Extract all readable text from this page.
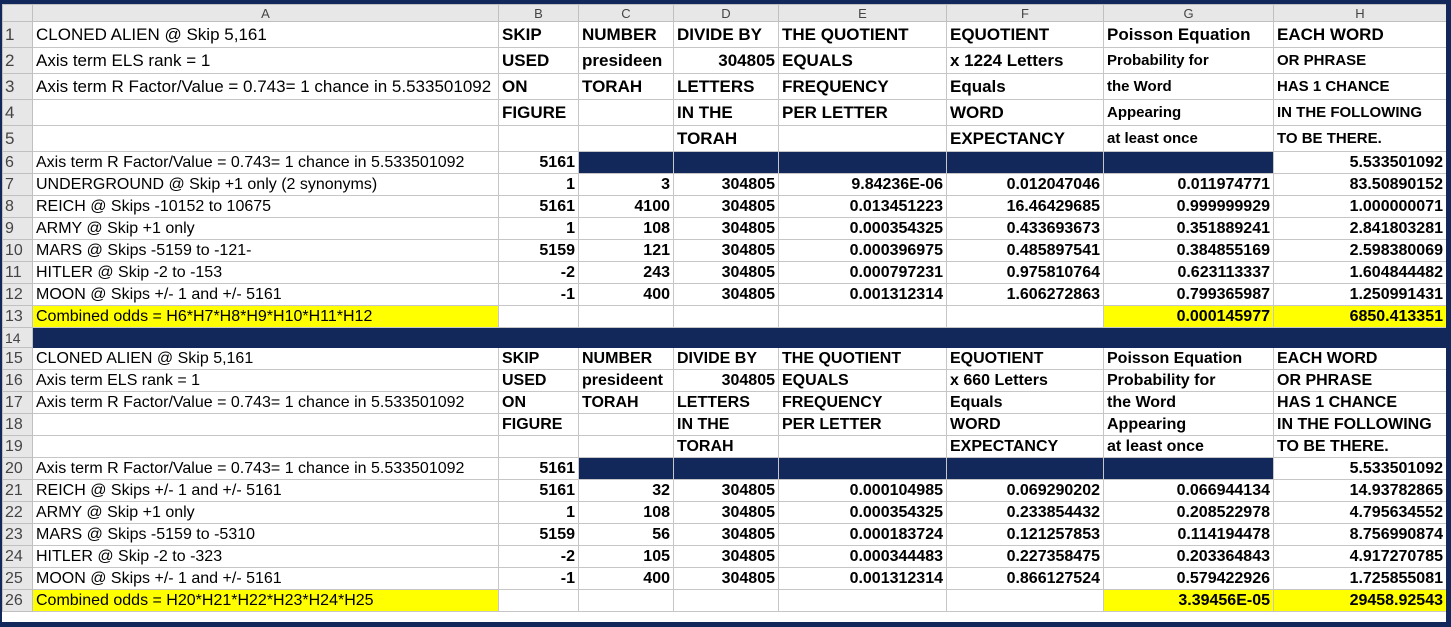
	A	B	C	D	E	F	G	H
1	CLONED ALIEN @ Skip 5,161	SKIP	NUMBER	DIVIDE BY	THE QUOTIENT	EQUOTIENT	Poisson Equation	EACH WORD
2	Axis term ELS rank = 1	USED	presideen	304805	EQUALS	x 1224 Letters	Probability for	OR PHRASE
3	Axis term R Factor/Value = 0.743= 1 chance in 5.533501092	ON	TORAH	LETTERS	FREQUENCY	Equals	the Word	HAS 1 CHANCE
4		FIGURE		IN THE	PER LETTER	WORD	Appearing	IN THE FOLLOWING
5				TORAH		EXPECTANCY	at least once	TO BE THERE.
6	Axis term R Factor/Value = 0.743= 1 chance in 5.533501092	5161						5.533501092
7	UNDERGROUND @ Skip +1 only (2 synonyms)	1	3	304805	9.84236E-06	0.012047046	0.011974771	83.50890152
8	REICH @ Skips -10152 to 10675	5161	4100	304805	0.013451223	16.46429685	0.999999929	1.000000071
9	ARMY @ Skip +1 only	1	108	304805	0.000354325	0.433693673	0.351889241	2.841803281
10	MARS @ Skips -5159 to -121-	5159	121	304805	0.000396975	0.485897541	0.384855169	2.598380069
11	HITLER @ Skip -2 to -153	-2	243	304805	0.000797231	0.975810764	0.623113337	1.604844482
12	MOON @ Skips +/- 1 and +/- 5161	-1	400	304805	0.001312314	1.606272863	0.799365987	1.250991431
13	Combined odds = H6*H7*H8*H9*H10*H11*H12						0.000145977	6850.413351
14								
15	CLONED ALIEN @ Skip 5,161	SKIP	NUMBER	DIVIDE BY	THE QUOTIENT	EQUOTIENT	Poisson Equation	EACH WORD
16	Axis term ELS rank = 1	USED	presideent	304805	EQUALS	x 660 Letters	Probability for	OR PHRASE
17	Axis term R Factor/Value = 0.743= 1 chance in 5.533501092	ON	TORAH	LETTERS	FREQUENCY	Equals	the Word	HAS 1 CHANCE
18		FIGURE		IN THE	PER LETTER	WORD	Appearing	IN THE FOLLOWING
19				TORAH		EXPECTANCY	at least once	TO BE THERE.
20	Axis term R Factor/Value = 0.743= 1 chance in 5.533501092	5161						5.533501092
21	REICH @ Skips +/- 1 and +/- 5161	5161	32	304805	0.000104985	0.069290202	0.066944134	14.93782865
22	ARMY @ Skip +1 only	1	108	304805	0.000354325	0.233854432	0.208522978	4.795634552
23	MARS @ Skips -5159 to -5310	5159	56	304805	0.000183724	0.121257853	0.114194478	8.756990874
24	HITLER @ Skip -2 to -323	-2	105	304805	0.000344483	0.227358475	0.203364843	4.917270785
25	MOON @ Skips +/- 1 and +/- 5161	-1	400	304805	0.001312314	0.866127524	0.579422926	1.725855081
26	Combined odds = H20*H21*H22*H23*H24*H25						3.39456E-05	29458.92543
